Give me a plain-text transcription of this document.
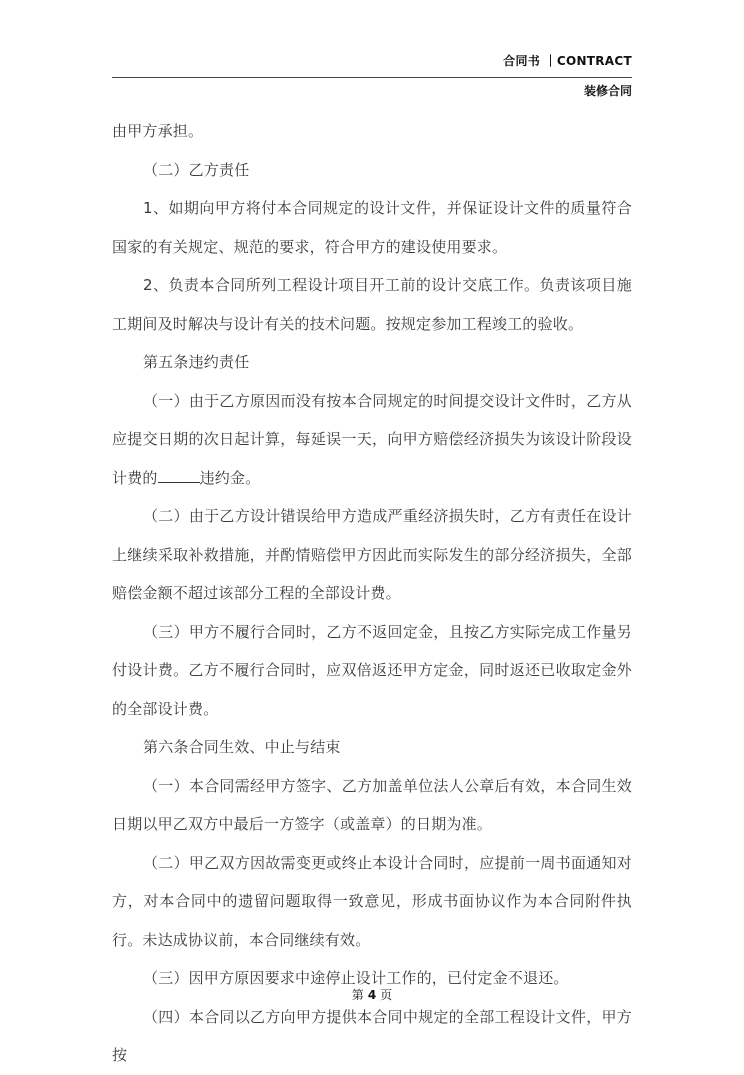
合同书 ｜CONTRACT
装修合同

由甲方承担。

（二）乙方责任

1、如期向甲方将付本合同规定的设计文件，并保证设计文件的质量符合国家的有关规定、规范的要求，符合甲方的建设使用要求。

2、负责本合同所列工程设计项目开工前的设计交底工作。负责该项目施工期间及时解决与设计有关的技术问题。按规定参加工程竣工的验收。

第五条违约责任

（一）由于乙方原因而没有按本合同规定的时间提交设计文件时，乙方从应提交日期的次日起计算，每延误一天，向甲方赔偿经济损失为该设计阶段设计费的	违约金。

（二）由于乙方设计错误给甲方造成严重经济损失时，乙方有责任在设计上继续采取补救措施，并酌情赔偿甲方因此而实际发生的部分经济损失，全部赔偿金额不超过该部分工程的全部设计费。

（三）甲方不履行合同时，乙方不返回定金，且按乙方实际完成工作量另付设计费。乙方不履行合同时，应双倍返还甲方定金，同时返还已收取定金外的全部设计费。

第六条合同生效、中止与结束

（一）本合同需经甲方签字、乙方加盖单位法人公章后有效，本合同生效日期以甲乙双方中最后一方签字（或盖章）的日期为准。

（二）甲乙双方因故需变更或终止本设计合同时，应提前一周书面通知对方，对本合同中的遗留问题取得一致意见，形成书面协议作为本合同附件执行。未达成协议前，本合同继续有效。

（三）因甲方原因要求中途停止设计工作的，已付定金不退还。

（四）本合同以乙方向甲方提供本合同中规定的全部工程设计文件，甲方按

第 4 页
